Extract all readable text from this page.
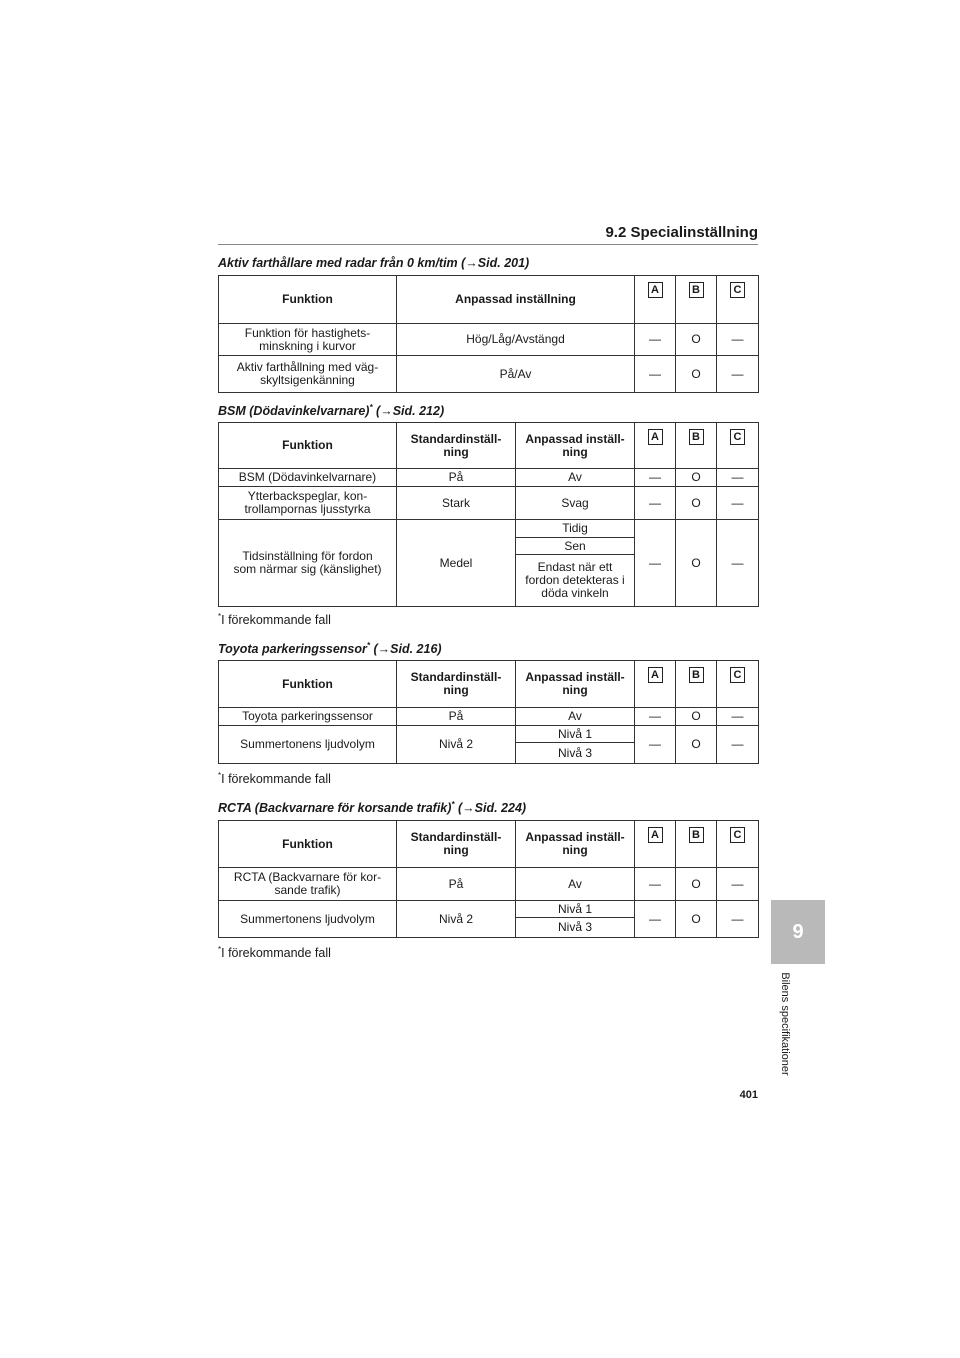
9.2 Specialinställning
Aktiv farthållare med radar från 0 km/tim (→Sid. 201)
Funktion	Anpassad inställning	A	B	C
Funktion för hastighets-
minskning i kurvor	Hög/Låg/Avstängd	—	O	—
Aktiv farthållning med väg-
skyltsigenkänning	På/Av	—	O	—
BSM (Dödavinkelvarnare)* (→Sid. 212)
Funktion	Standardinställ-
ning	Anpassad inställ-
ning	A	B	C
BSM (Dödavinkelvarnare)	På	Av	—	O	—
Ytterbackspeglar, kon-
trollampornas ljusstyrka	Stark	Svag	—	O	—
Tidsinställning för fordon
som närmar sig (känslighet)	Medel	Tidig	—	O	—
		Sen			
		Endast när ett
fordon detekteras i
döda vinkeln			
*I förekommande fall
Toyota parkeringssensor* (→Sid. 216)
Funktion	Standardinställ-
ning	Anpassad inställ-
ning	A	B	C
Toyota parkeringssensor	På	Av	—	O	—
Summertonens ljudvolym	Nivå 2	Nivå 1	—	O	—
		Nivå 3			
*I förekommande fall
RCTA (Backvarnare för korsande trafik)* (→Sid. 224)
Funktion	Standardinställ-
ning	Anpassad inställ-
ning	A	B	C
RCTA (Backvarnare för kor-
sande trafik)	På	Av	—	O	—
Summertonens ljudvolym	Nivå 2	Nivå 1	—	O	—
		Nivå 3			
*I förekommande fall
9
Bilens specifikationer
401
